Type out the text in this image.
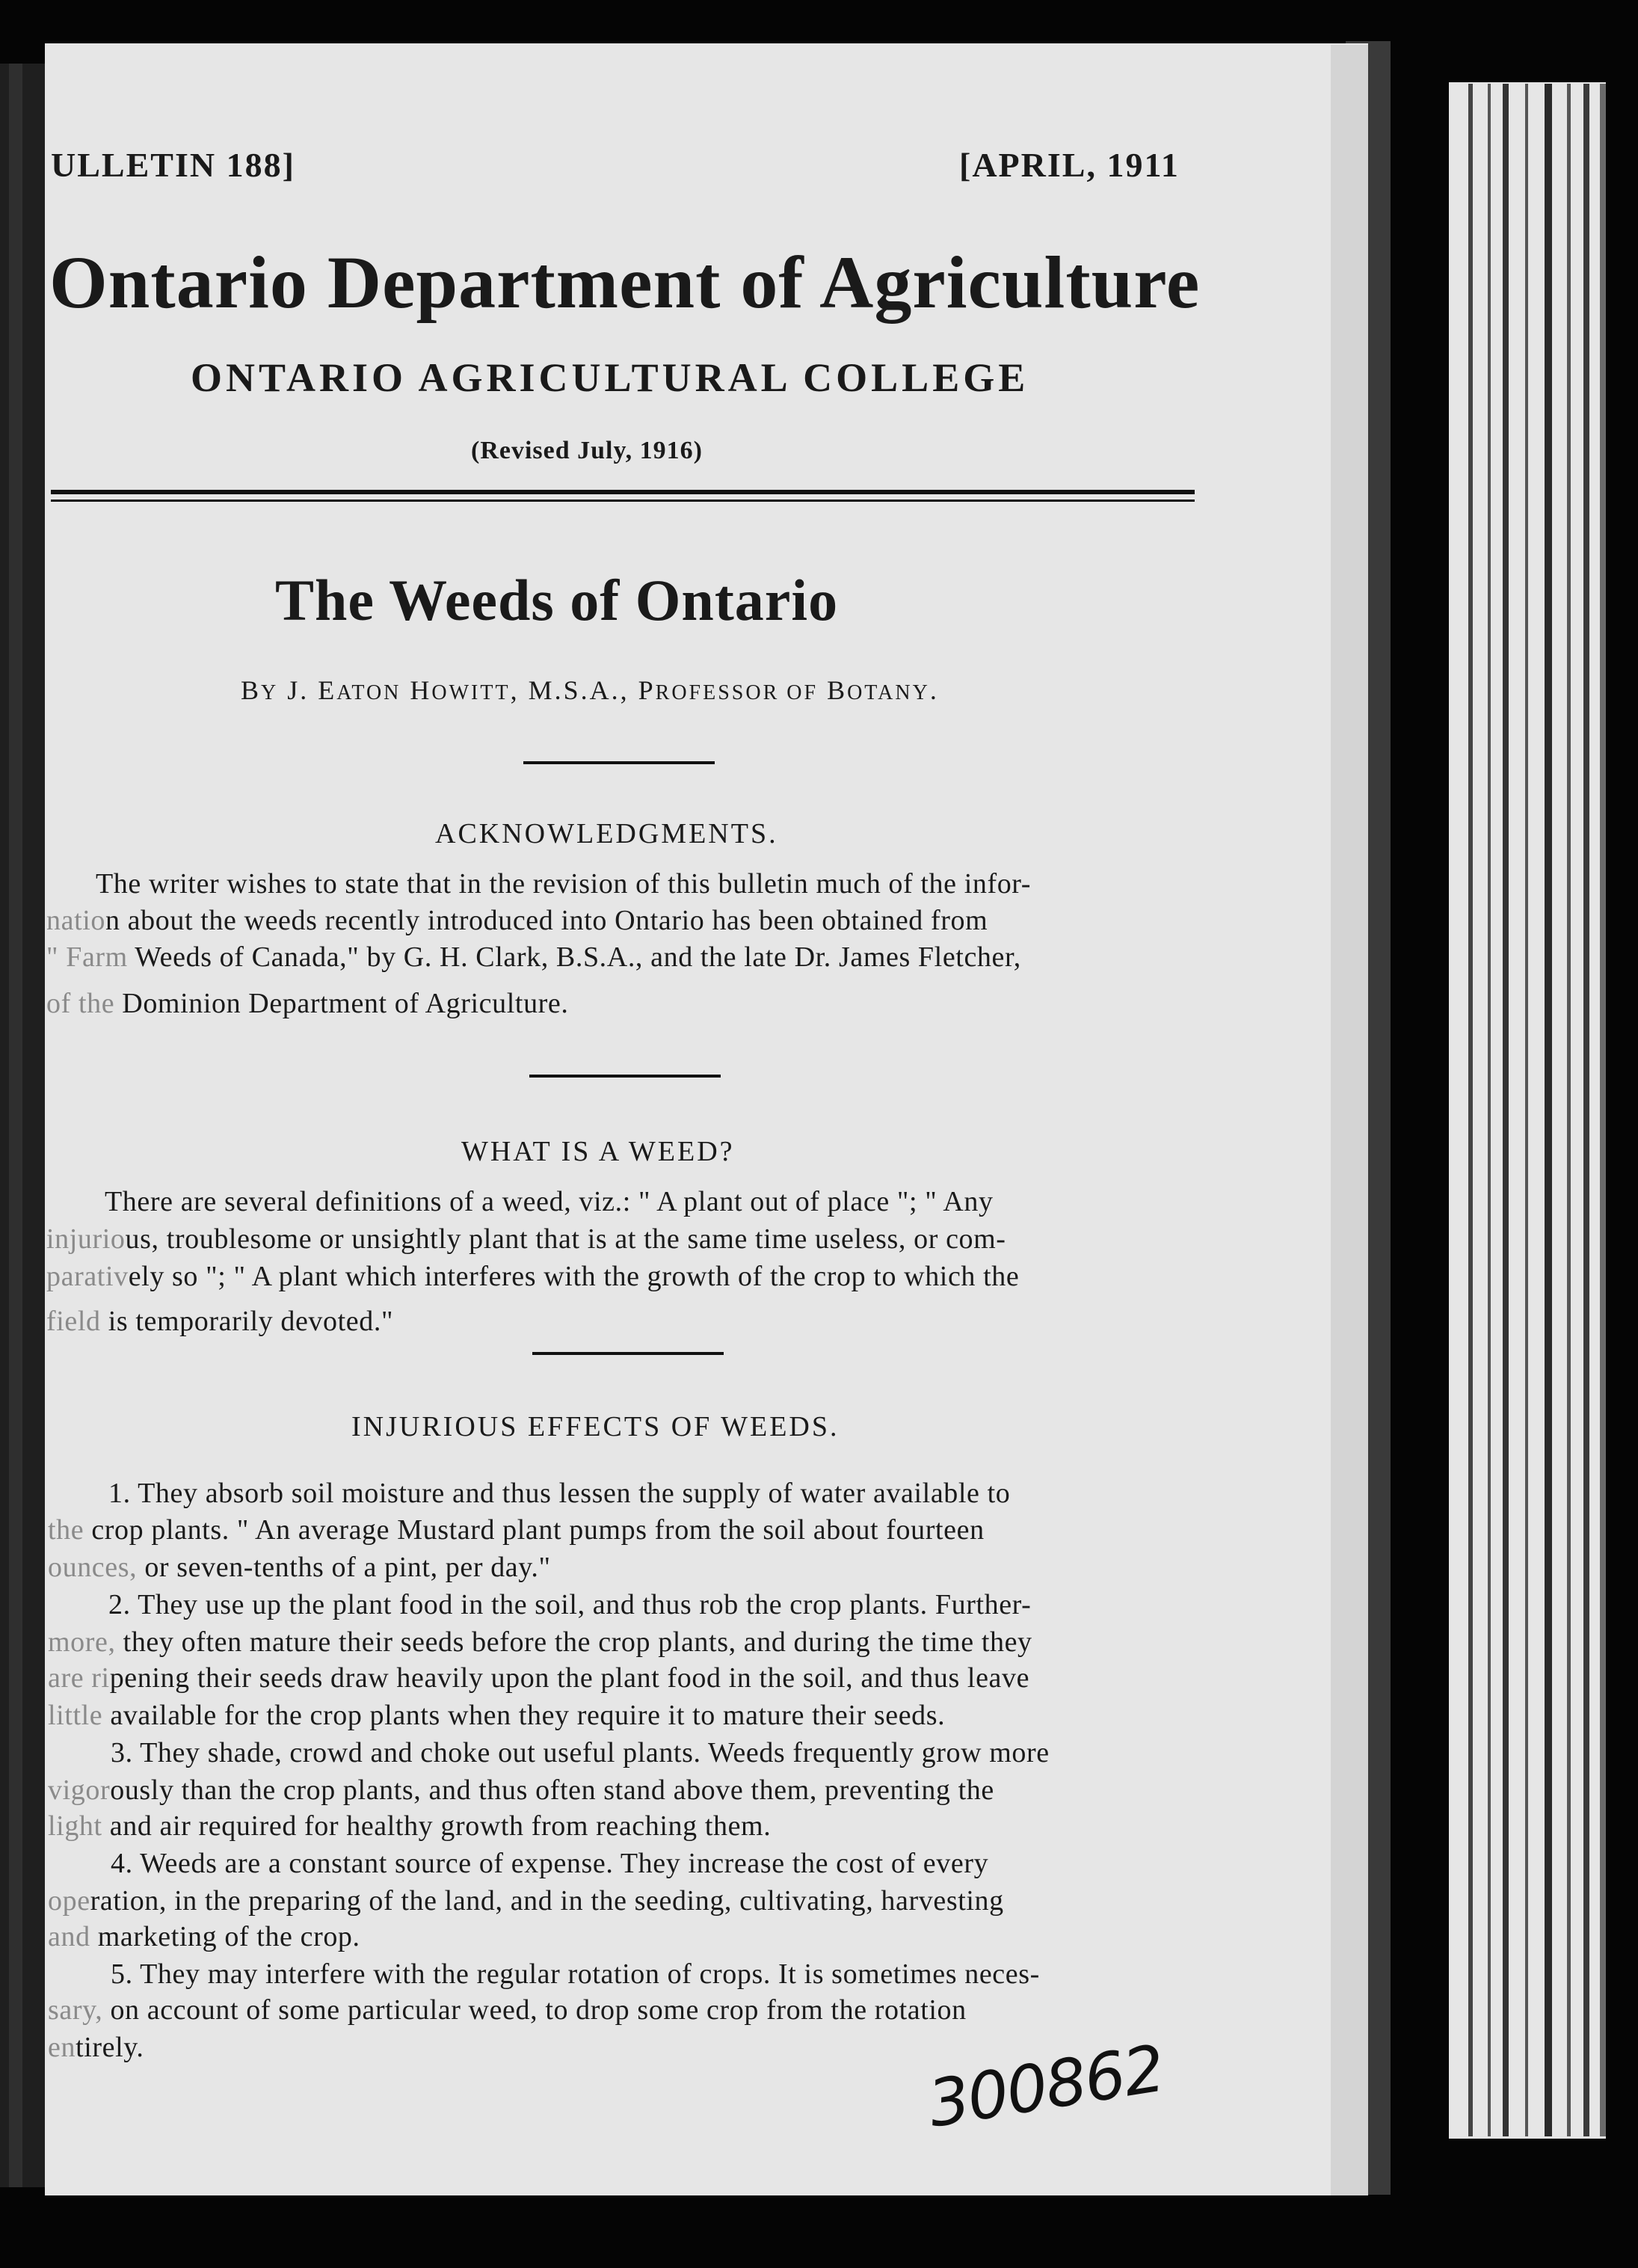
ULLETIN 188]	[APRIL, 1911
Ontario Department of Agriculture
ONTARIO AGRICULTURAL COLLEGE
(Revised July, 1916)
The Weeds of Ontario
BY J. EATON HOWITT, M.S.A., PROFESSOR OF BOTANY.
ACKNOWLEDGMENTS.
The writer wishes to state that in the revision of this bulletin much of the infor-
nation about the weeds recently introduced into Ontario has been obtained from
" Farm Weeds of Canada," by G. H. Clark, B.S.A., and the late Dr. James Fletcher,
of the Dominion Department of Agriculture.
WHAT IS A WEED?
There are several definitions of a weed, viz.: " A plant out of place "; " Any
injurious, troublesome or unsightly plant that is at the same time useless, or com-
paratively so "; " A plant which interferes with the growth of the crop to which the
field is temporarily devoted."
INJURIOUS EFFECTS OF WEEDS.
1. They absorb soil moisture and thus lessen the supply of water available to
the crop plants. " An average Mustard plant pumps from the soil about fourteen
ounces, or seven-tenths of a pint, per day."
2. They use up the plant food in the soil, and thus rob the crop plants. Further-
more, they often mature their seeds before the crop plants, and during the time they
are ripening their seeds draw heavily upon the plant food in the soil, and thus leave
little available for the crop plants when they require it to mature their seeds.
3. They shade, crowd and choke out useful plants. Weeds frequently grow more
vigorously than the crop plants, and thus often stand above them, preventing the
light and air required for healthy growth from reaching them.
4. Weeds are a constant source of expense. They increase the cost of every
operation, in the preparing of the land, and in the seeding, cultivating, harvesting
and marketing of the crop.
5. They may interfere with the regular rotation of crops. It is sometimes neces-
sary, on account of some particular weed, to drop some crop from the rotation
entirely.	300862
